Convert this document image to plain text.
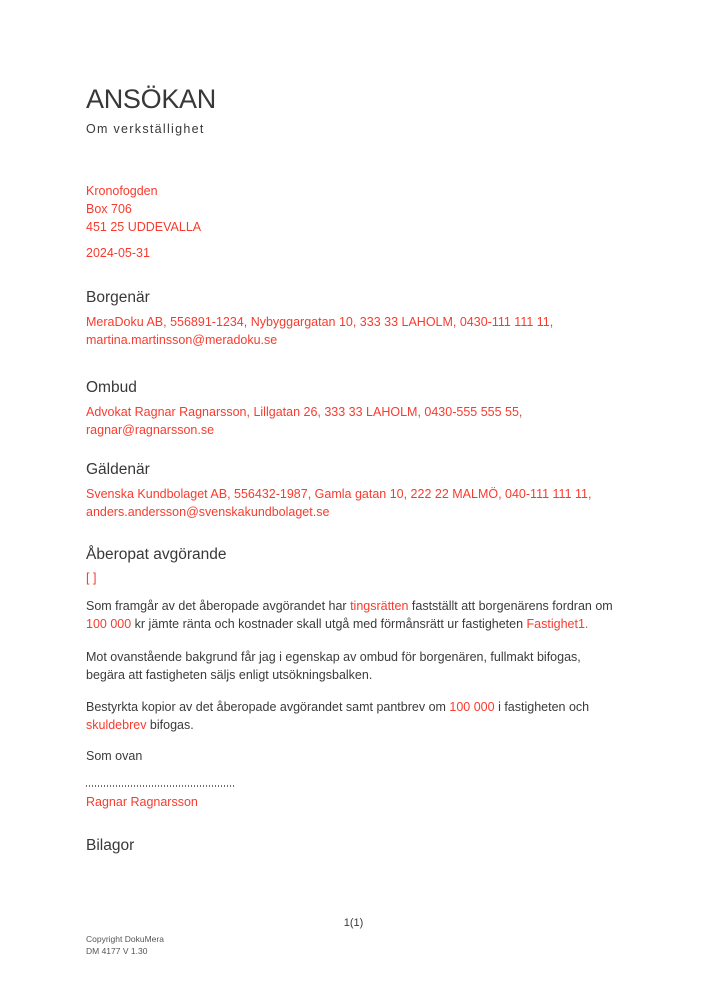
ANSÖKAN
Om verkställighet
Kronofogden
Box 706
451 25 UDDEVALLA
2024-05-31
Borgenär
MeraDoku AB, 556891-1234, Nybyggargatan 10, 333 33 LAHOLM, 0430-111 111 11,
martina.martinsson@meradoku.se
Ombud
Advokat Ragnar Ragnarsson, Lillgatan 26, 333 33 LAHOLM, 0430-555 555 55,
ragnar@ragnarsson.se
Gäldenär
Svenska Kundbolaget AB, 556432-1987, Gamla gatan 10, 222 22 MALMÖ, 040-111 111 11,
anders.andersson@svenskakundbolaget.se
Åberopat avgörande
[ ]

Som framgår av det åberopade avgörandet har tingsrätten fastställt att borgenärens fordran om 100 000 kr jämte ränta och kostnader skall utgå med förmånsrätt ur fastigheten Fastighet1.

Mot ovanstående bakgrund får jag i egenskap av ombud för borgenären, fullmakt bifogas, begära att fastigheten säljs enligt utsökningsbalken.

Bestyrkta kopior av det åberopade avgörandet samt pantbrev om 100 000 i fastigheten och skuldebrev bifogas.

Som ovan
Ragnar Ragnarsson
Bilagor
1(1)
Copyright DokuMera
DM 4177 V 1.30
